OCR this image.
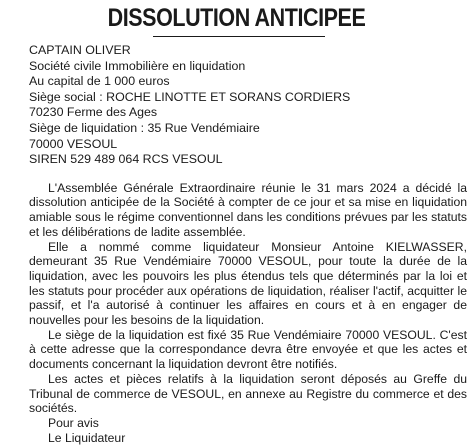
DISSOLUTION ANTICIPEE
CAPTAIN OLIVER
Société civile Immobilière en liquidation
Au capital de 1 000 euros
Siège social : ROCHE LINOTTE ET SORANS CORDIERS
70230 Ferme des Ages
Siège de liquidation : 35 Rue Vendémiaire
70000 VESOUL
SIREN 529 489 064 RCS VESOUL

L'Assemblée Générale Extraordinaire réunie le 31 mars 2024 a décidé la dissolution anticipée de la Société à compter de ce jour et sa mise en liquidation amiable sous le régime conventionnel dans les conditions prévues par les statuts et les délibérations de ladite assemblée.

Elle a nommé comme liquidateur Monsieur Antoine KIELWASSER, demeurant 35 Rue Vendémiaire 70000 VESOUL, pour toute la durée de la liquidation, avec les pouvoirs les plus étendus tels que déterminés par la loi et les statuts pour procéder aux opérations de liquidation, réaliser l'actif, acquitter le passif, et l'a autorisé à continuer les affaires en cours et à en engager de nouvelles pour les besoins de la liquidation.

Le siège de la liquidation est fixé 35 Rue Vendémiaire 70000 VESOUL. C'est à cette adresse que la correspondance devra être envoyée et que les actes et documents concernant la liquidation devront être notifiés.

Les actes et pièces relatifs à la liquidation seront déposés au Greffe du Tribunal de commerce de VESOUL, en annexe au Registre du commerce et des sociétés.

Pour avis
Le Liquidateur
